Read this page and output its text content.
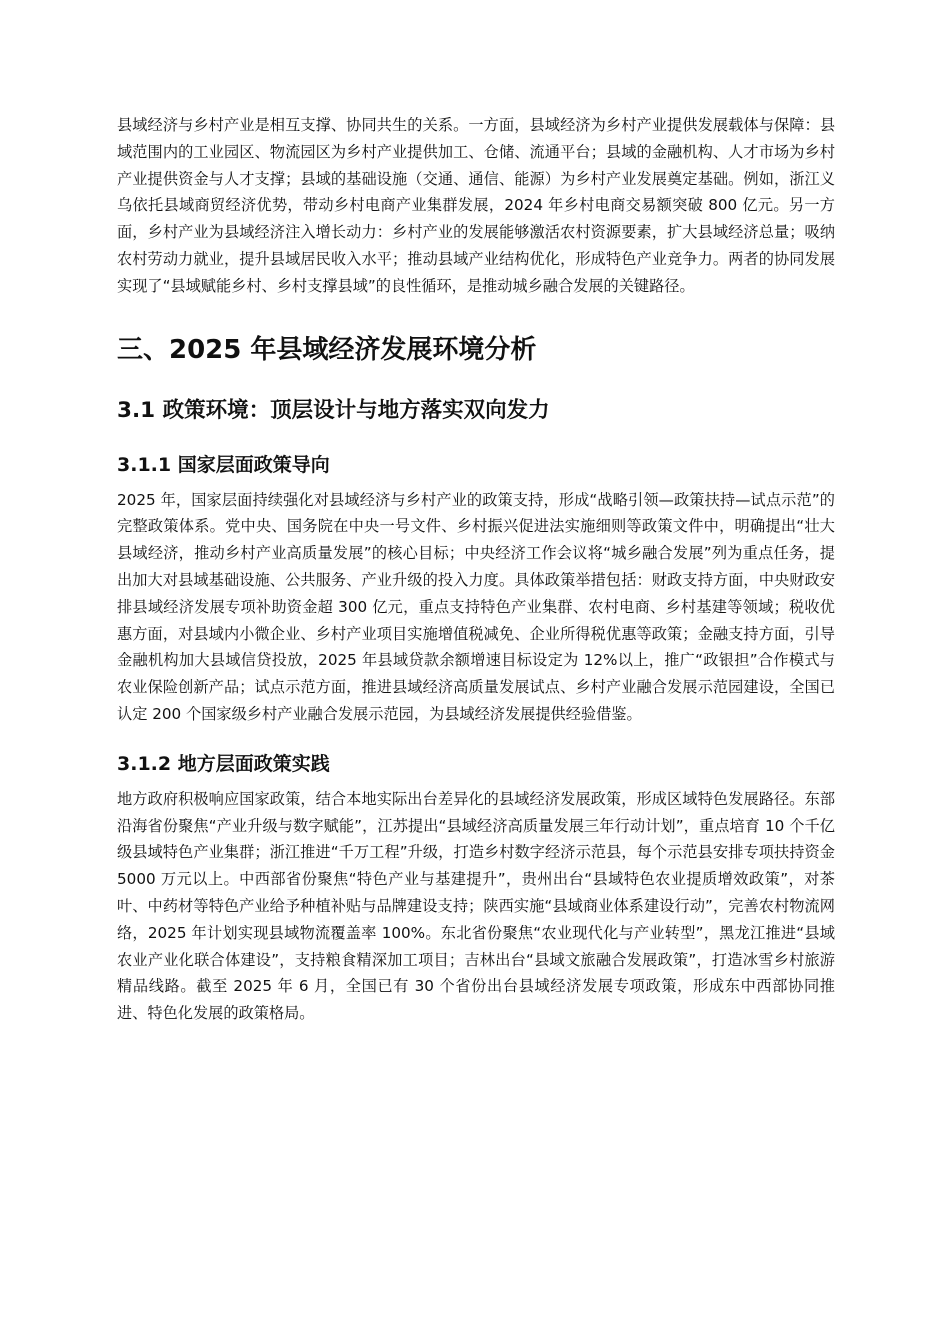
县域经济与乡村产业是相互支撑、协同共生的关系。一方面，县域经济为乡村产业提供发展载体与保障：县域范围内的工业园区、物流园区为乡村产业提供加工、仓储、流通平台；县域的金融机构、人才市场为乡村产业提供资金与人才支撑；县域的基础设施（交通、通信、能源）为乡村产业发展奠定基础。例如，浙江义乌依托县域商贸经济优势，带动乡村电商产业集群发展，2024 年乡村电商交易额突破 800 亿元。另一方面，乡村产业为县域经济注入增长动力：乡村产业的发展能够激活农村资源要素，扩大县域经济总量；吸纳农村劳动力就业，提升县域居民收入水平；推动县域产业结构优化，形成特色产业竞争力。两者的协同发展实现了“县域赋能乡村、乡村支撑县域”的良性循环，是推动城乡融合发展的关键路径。

三、2025 年县域经济发展环境分析
3.1 政策环境：顶层设计与地方落实双向发力
3.1.1 国家层面政策导向

2025 年，国家层面持续强化对县域经济与乡村产业的政策支持，形成“战略引领—政策扶持—试点示范”的完整政策体系。党中央、国务院在中央一号文件、乡村振兴促进法实施细则等政策文件中，明确提出“壮大县域经济，推动乡村产业高质量发展”的核心目标；中央经济工作会议将“城乡融合发展”列为重点任务，提出加大对县域基础设施、公共服务、产业升级的投入力度。具体政策举措包括：财政支持方面，中央财政安排县域经济发展专项补助资金超 300 亿元，重点支持特色产业集群、农村电商、乡村基建等领域；税收优惠方面，对县域内小微企业、乡村产业项目实施增值税减免、企业所得税优惠等政策；金融支持方面，引导金融机构加大县域信贷投放，2025 年县域贷款余额增速目标设定为 12%以上，推广“政银担”合作模式与农业保险创新产品；试点示范方面，推进县域经济高质量发展试点、乡村产业融合发展示范园建设，全国已认定 200 个国家级乡村产业融合发展示范园，为县域经济发展提供经验借鉴。

3.1.2 地方层面政策实践

地方政府积极响应国家政策，结合本地实际出台差异化的县域经济发展政策，形成区域特色发展路径。东部沿海省份聚焦“产业升级与数字赋能”，江苏提出“县域经济高质量发展三年行动计划”，重点培育 10 个千亿级县域特色产业集群；浙江推进“千万工程”升级，打造乡村数字经济示范县，每个示范县安排专项扶持资金 5000 万元以上。中西部省份聚焦“特色产业与基建提升”，贵州出台“县域特色农业提质增效政策”，对茶叶、中药材等特色产业给予种植补贴与品牌建设支持；陕西实施“县域商业体系建设行动”，完善农村物流网络，2025 年计划实现县域物流覆盖率 100%。东北省份聚焦“农业现代化与产业转型”，黑龙江推进“县域农业产业化联合体建设”，支持粮食精深加工项目；吉林出台“县域文旅融合发展政策”，打造冰雪乡村旅游精品线路。截至 2025 年 6 月，全国已有 30 个省份出台县域经济发展专项政策，形成东中西部协同推进、特色化发展的政策格局。
